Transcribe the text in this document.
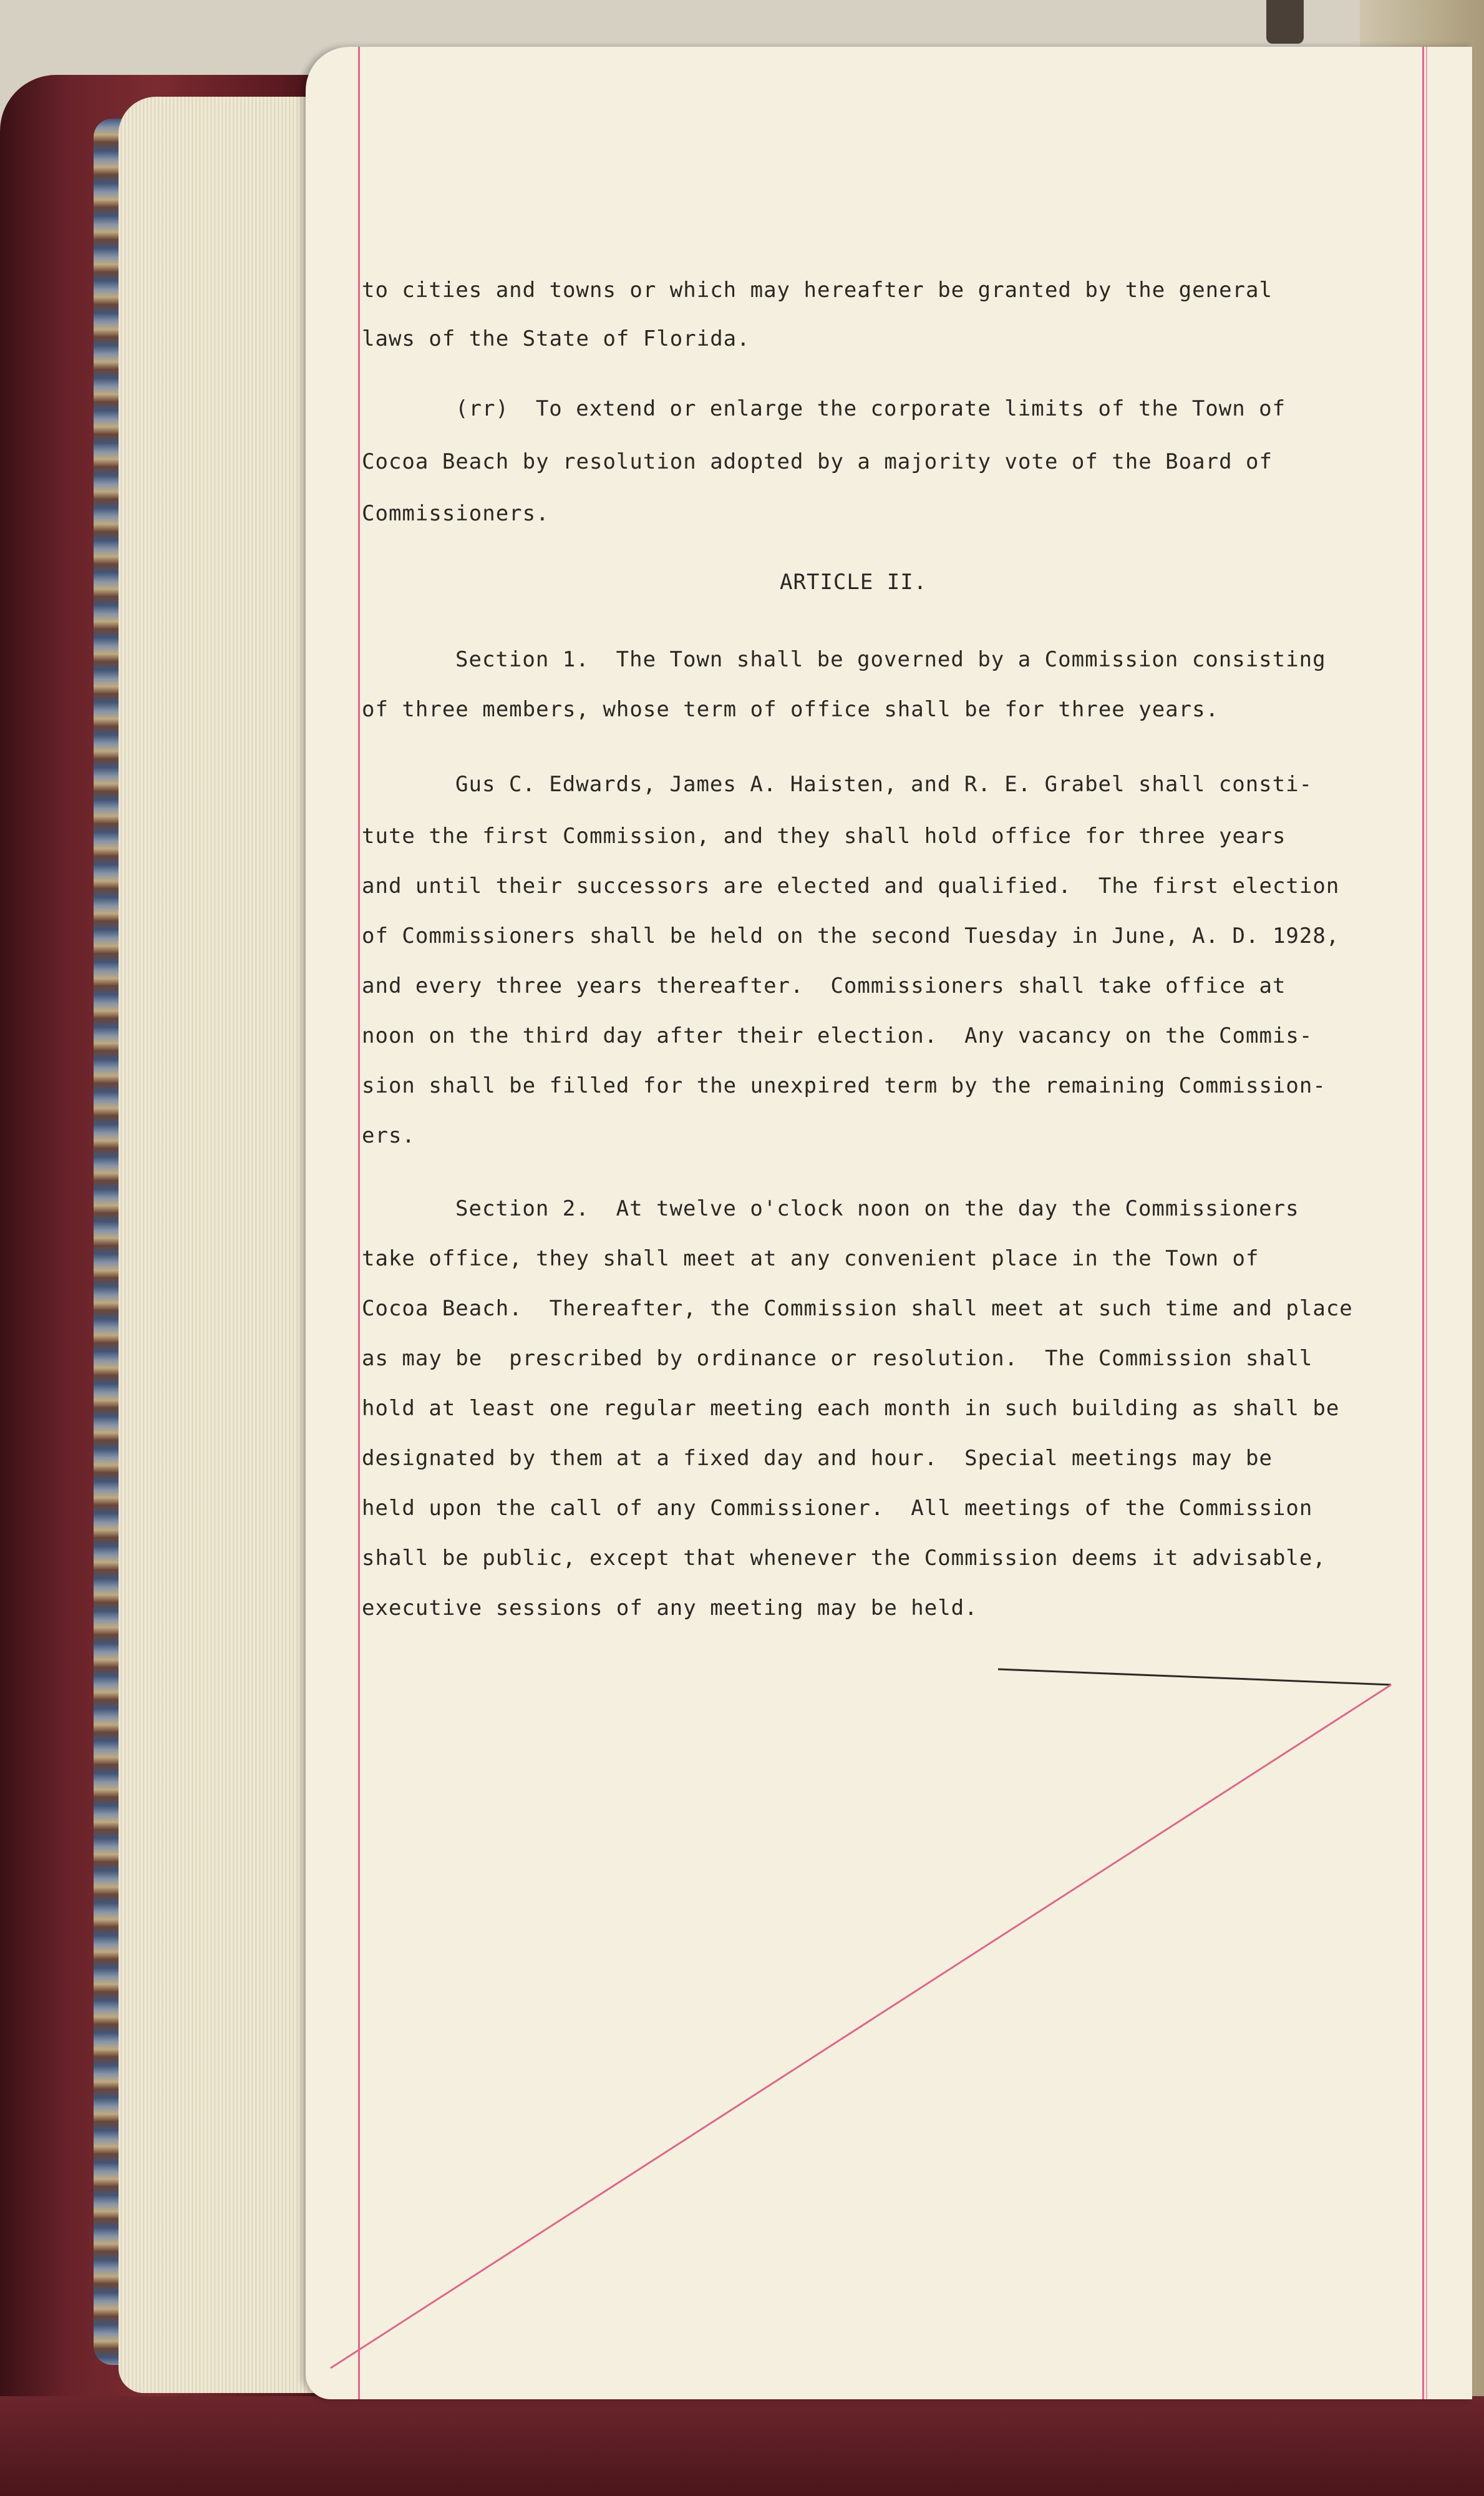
to cities and towns or which may hereafter be granted by the general
laws of the State of Florida.
(rr)  To extend or enlarge the corporate limits of the Town of
Cocoa Beach by resolution adopted by a majority vote of the Board of
Commissioners.
ARTICLE II.
Section 1.  The Town shall be governed by a Commission consisting
of three members, whose term of office shall be for three years.
Gus C. Edwards, James A. Haisten, and R. E. Grabel shall consti-
tute the first Commission, and they shall hold office for three years
and until their successors are elected and qualified.  The first election
of Commissioners shall be held on the second Tuesday in June, A. D. 1928,
and every three years thereafter.  Commissioners shall take office at
noon on the third day after their election.  Any vacancy on the Commis-
sion shall be filled for the unexpired term by the remaining Commission-
ers.
Section 2.  At twelve o'clock noon on the day the Commissioners
take office, they shall meet at any convenient place in the Town of
Cocoa Beach.  Thereafter, the Commission shall meet at such time and place
as may be  prescribed by ordinance or resolution.  The Commission shall
hold at least one regular meeting each month in such building as shall be
designated by them at a fixed day and hour.  Special meetings may be
held upon the call of any Commissioner.  All meetings of the Commission
shall be public, except that whenever the Commission deems it advisable,
executive sessions of any meeting may be held.
